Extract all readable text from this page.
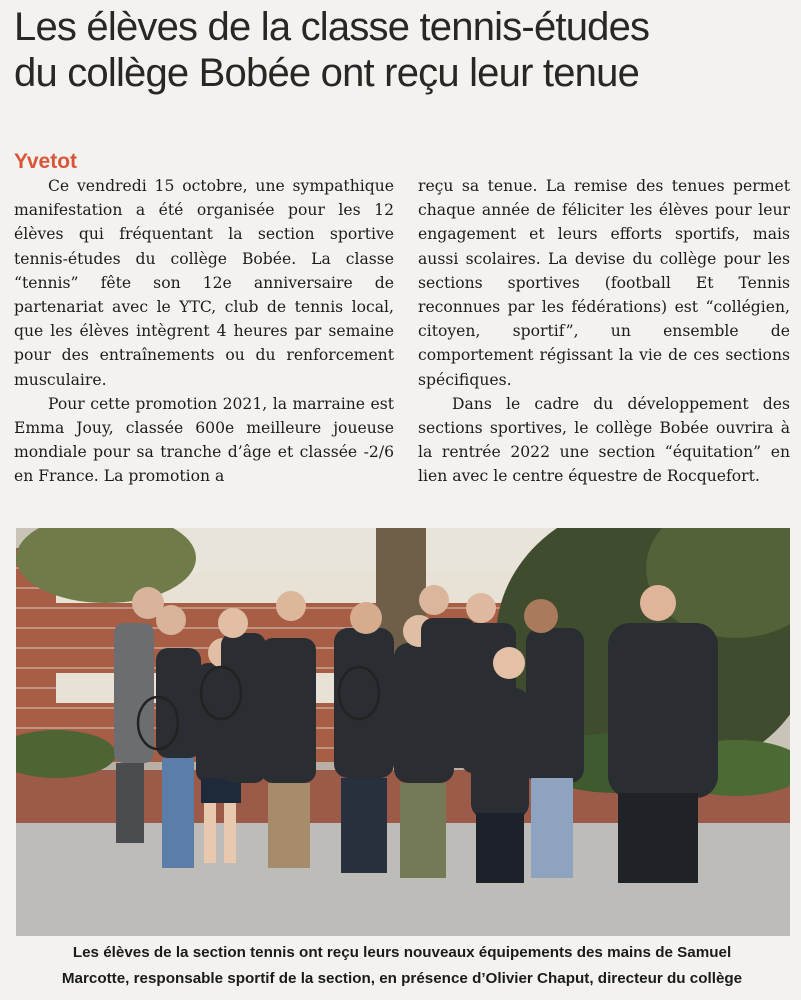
Les élèves de la classe tennis-études
du collège Bobée ont reçu leur tenue
Yvetot

Ce vendredi 15 octobre, une sympathique manifestation a été organisée pour les 12 élèves qui fréquentant la section sportive tennis-études du collège Bobée. La classe “tennis” fête son 12e anniversaire de partenariat avec le YTC, club de tennis local, que les élèves intègrent 4 heures par semaine pour des entraînements ou du renforcement musculaire.

Pour cette promotion 2021, la marraine est Emma Jouy, classée 600e meilleure joueuse mondiale pour sa tranche d’âge et classée -2/6 en France. La promotion a

reçu sa tenue. La remise des tenues permet chaque année de féliciter les élèves pour leur engagement et leurs efforts sportifs, mais aussi scolaires. La devise du collège pour les sections sportives (football Et Tennis reconnues par les fédérations) est “collégien, citoyen, sportif”, un ensemble de comportement régissant la vie de ces sections spécifiques.

Dans le cadre du développement des sections sportives, le collège Bobée ouvrira à la rentrée 2022 une section “équitation” en lien avec le centre équestre de Rocquefort.

Les élèves de la section tennis ont reçu leurs nouveaux équipements des mains de Samuel
Marcotte, responsable sportif de la section, en présence d’Olivier Chaput, directeur du collège
